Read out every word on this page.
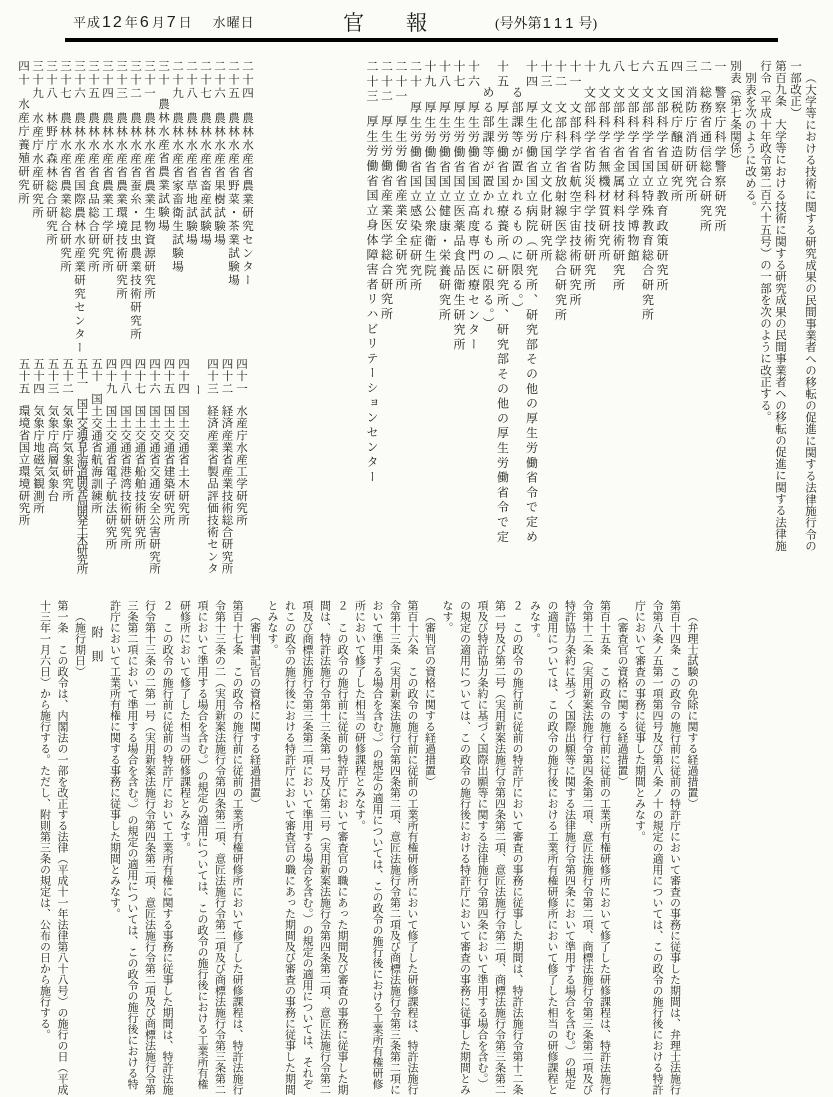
平成12年6月7日 水曜日	官報 (号外第111号)

（大学等における技術に関する研究成果の民間事業者への移転の促進に関する法律施行令の一部改正）

第百九条　大学等における技術に関する研究成果の民間事業者への移転の促進に関する法律施行令（平成十年政令第二百六十五号）の一部を次のように改正する。

別表を次のように改める。

別表（第七条関係）

一警察庁科学警察研究所
二総務省通信総合研究所
三消防庁消防研究所
四国税庁醸造研究所
五文部科学省国立教育政策研究所
六文部科学省国立特殊教育総合研究所
七文部科学省国立科学博物館
八文部科学省金属材料技術研究所
九文部科学省無機材質研究所
十文部科学省防災科学技術研究所
十一文部科学省航空宇宙技術研究所
十二文部科学省放射線医学総合研究所
十三文化庁国立文化財研究所
十四厚生労働省国立病院（研究所、研究部その他の厚生労働省令で定める部課等が置かれるものに限る。）
十五厚生労働省国立療養所（研究所、研究部その他の厚生労働省令で定める部課等が置かれるものに限る。）
十六厚生労働省国立高度専門医療センター
十七厚生労働省国立医薬品食品衛生研究所
十八厚生労働省国立健康・栄養研究所
十九厚生労働省国立公衆衛生院
二十厚生労働省国立感染症研究所
二十一厚生労働省産業安全研究所
二十二厚生労働省産業医学総合研究所
二十三厚生労働省国立身体障害者リハビリテーションセンター
二十四農林水産省農業研究センター
二十五農林水産省野菜・茶業試験場
二十六農林水産省果樹試験場
二十七農林水産省畜産試験場
二十八農林水産省草地試験場
二十九農林水産省家畜衛生試験場
三十農林水産省農業試験場
三十一農林水産省農業生物資源研究所
三十二農林水産省蚕糸・昆虫農業技術研究所
三十三農林水産省農業環境技術研究所
三十四農林水産省農業工学研究所
三十五農林水産省食品総合研究所
三十六農林水産省国際農林水産業研究センター
三十七農林水産省農業総合研究所
三十八林野庁森林総合研究所
三十九水産庁水産研究所
四十水産庁養殖研究所
四十一水産庁水産工学研究所
四十二経済産業省産業技術総合研究所
四十三経済産業省製品評価技術センター
四十四国土交通省土木研究所
四十五国土交通省建築研究所
四十六国土交通省交通安全公害研究所
四十七国土交通省船舶技術研究所
四十八国土交通省港湾技術研究所
四十九国土交通省電子航法研究所
五十国土交通省航海訓練所
五十一国土交通省北海道開発局開発土木研究所
五十二気象庁気象研究所
五十三気象庁高層気象台
五十四気象庁地磁気観測所
五十五環境省国立環境研究所

（弁理士試験の免除に関する経過措置）

第百十四条　この政令の施行前に従前の特許庁において審査の事務に従事した期間は、弁理士法施行令第八条ノ五第一項第四号及び第八条ノ十の規定の適用については、この政令の施行後における特許庁において審査の事務に従事した期間とみなす。

（審査官の資格に関する経過措置）

第百十五条　この政令の施行前に従前の工業所有権研修所において修了した研修課程は、特許法施行令第十二条（実用新案法施行令第四条第二項、意匠法施行令第二項、商標法施行令第三条第二項及び特許協力条約に基づく国際出願等に関する法律施行令第四条において準用する場合を含む。）の規定の適用については、この政令の施行後における工業所有権研修所において修了した相当の研修課程とみなす。

２　この政令の施行前に従前の特許庁において審査の事務に従事した期間は、特許法施行令第十二条第一号及び第二号（実用新案法施行令第四条第二項、意匠法施行令第二項、商標法施行令第三条第二項及び特許協力条約に基づく国際出願等に関する法律施行令第四条において準用する場合を含む。）の規定の適用については、この政令の施行後における特許庁において審査の事務に従事した期間とみなす。

（審判官の資格に関する経過措置）

第百十六条　この政令の施行前に従前の工業所有権研修所において修了した研修課程は、特許法施行令第十三条（実用新案法施行令第四条第二項、意匠法施行令第二項及び商標法施行令第三条第二項において準用する場合を含む。）の規定の適用については、この政令の施行後における工業所有権研修所において修了した相当の研修課程とみなす。

２　この政令の施行前に従前の特許庁において審査官の職にあった期間及び審査の事務に従事した期間は、特許法施行令第十三条第一号及び第二号（実用新案法施行令第四条第二項、意匠法施行令第二項及び商標法施行令第三条第二項において準用する場合を含む。）の規定の適用については、それぞれこの政令の施行後における特許庁において審査官の職にあった期間及び審査の事務に従事した期間とみなす。

（審判書記官の資格に関する経過措置）

第百十七条　この政令の施行前に従前の工業所有権研修所において修了した研修課程は、特許法施行令第十三条の二（実用新案法施行令第四条第二項、意匠法施行令第二項及び商標法施行令第三条第二項において準用する場合を含む。）の規定の適用については、この政令の施行後における工業所有権研修所において修了した相当の研修課程とみなす。

２　この政令の施行前に従前の特許庁において工業所有権に関する事務に従事した期間は、特許法施行令第十三条の二第一号（実用新案法施行令第四条第二項、意匠法施行令第二項及び商標法施行令第三条第二項において準用する場合を含む。）の規定の適用については、この政令の施行後における特許庁において工業所有権に関する事務に従事した期間とみなす。

附　則

（施行期日）

第一条　この政令は、内閣法の一部を改正する法律（平成十一年法律第八十八号）の施行の日（平成十三年一月六日）から施行する。ただし、附則第三条の規定は、公布の日から施行する。
